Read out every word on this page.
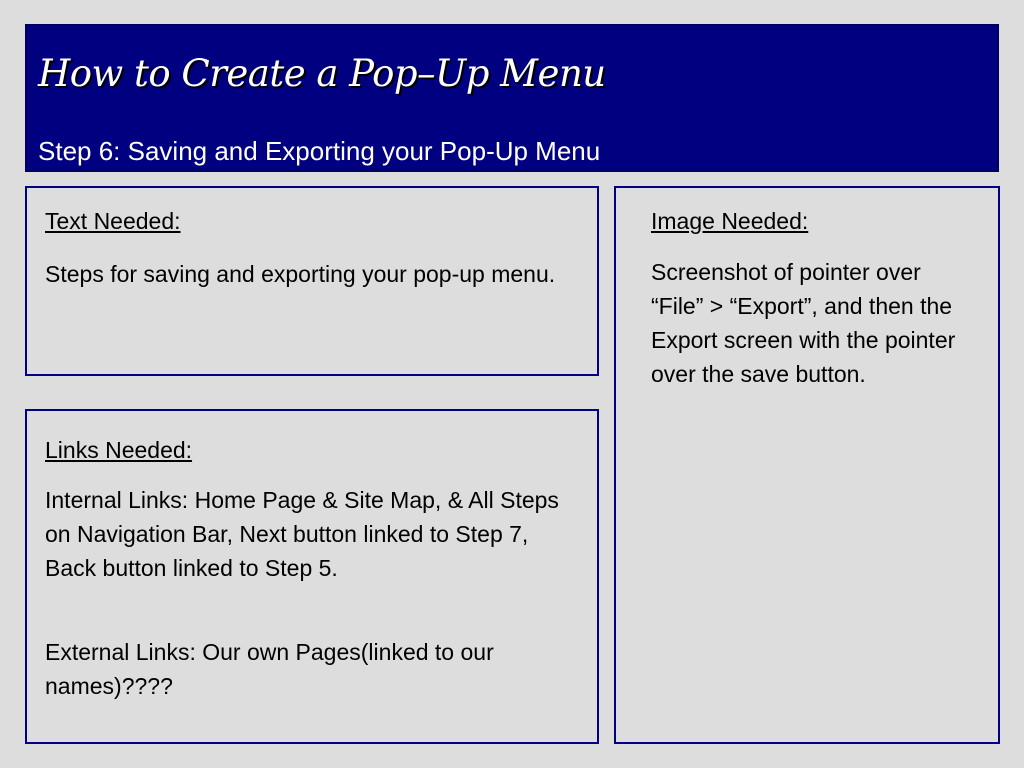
How to Create a Pop–Up Menu

Step 6: Saving and Exporting your Pop-Up Menu

Text Needed:

Steps for saving and exporting your pop-up menu.

Links Needed:

Internal Links: Home Page & Site Map, & All Steps on Navigation Bar, Next button linked to Step 7, Back button linked to Step 5.

External Links: Our own Pages(linked to our names)????

Image Needed:

Screenshot of pointer over “File” > “Export”, and then the Export screen with the pointer over the save button.
